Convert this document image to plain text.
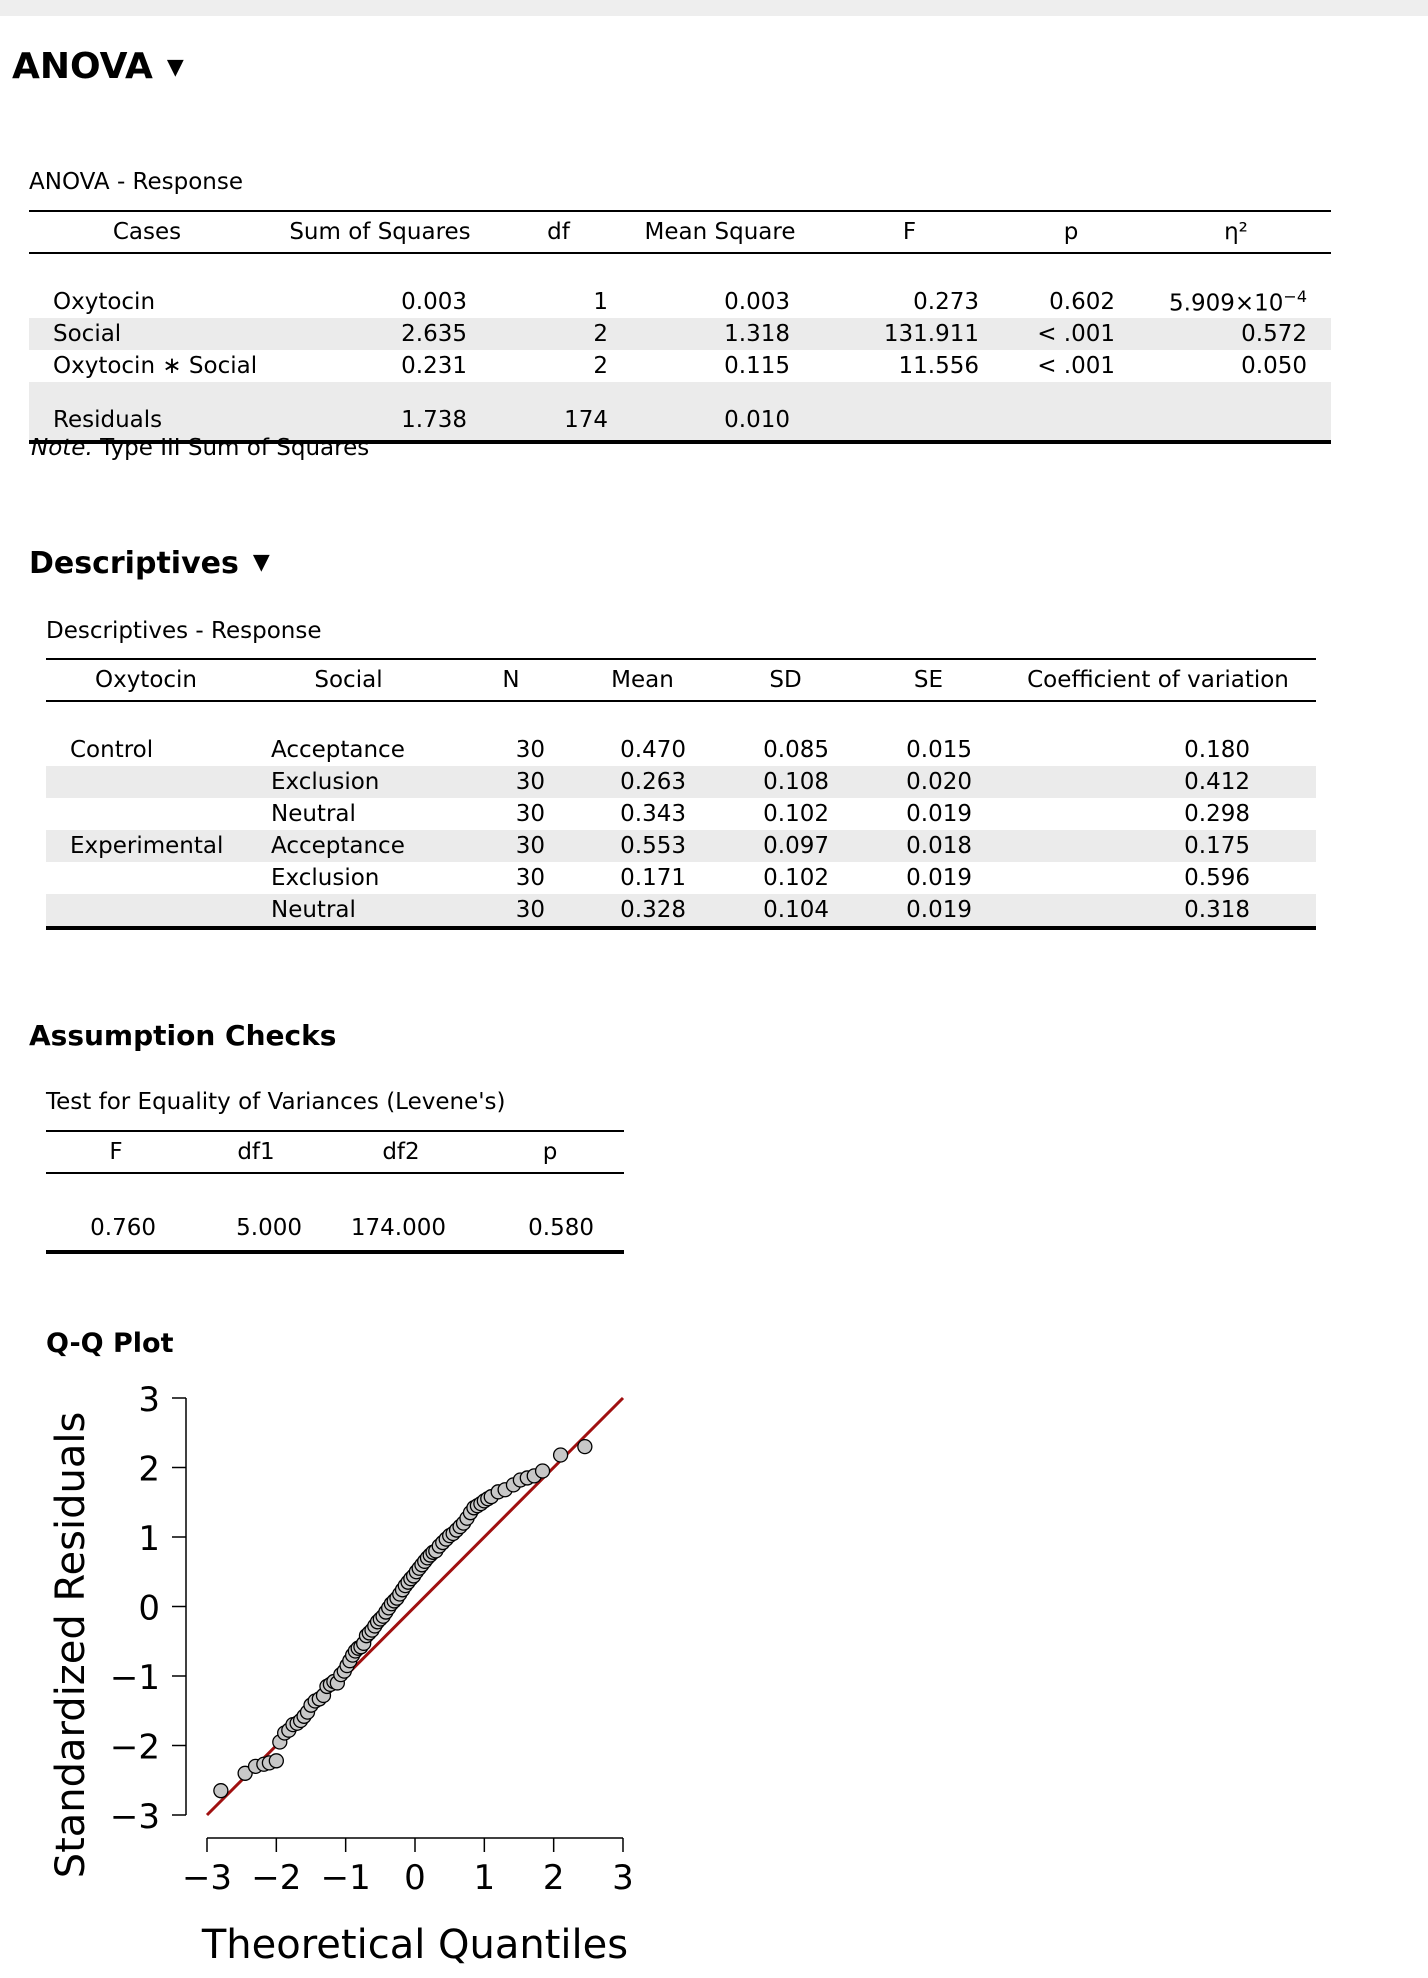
ANOVA ▼
ANOVA - Response
Cases	Sum of Squares	df	Mean Square	F	p	η²

Oxytocin	0.003	1	0.003	0.273	0.602	$5.909\times 10^{-4}$
Social	2.635	2	1.318	131.911	< .001	0.572
Oxytocin ∗ Social	0.231	2	0.115	11.556	< .001	0.050

Residuals	1.738	174	0.010			
Note. Type III Sum of Squares
Descriptives ▼
Descriptives - Response
Oxytocin	Social	N	Mean	SD	SE	Coefficient of variation

Control	Acceptance	30	0.470	0.085	0.015	0.180
	Exclusion	30	0.263	0.108	0.020	0.412
	Neutral	30	0.343	0.102	0.019	0.298
Experimental	Acceptance	30	0.553	0.097	0.018	0.175
	Exclusion	30	0.171	0.102	0.019	0.596
	Neutral	30	0.328	0.104	0.019	0.318
Assumption Checks
Test for Equality of Variances (Levene's)
F	df1	df2	p

0.760	5.000	174.000	0.580
Q-Q Plot
Standardized Residuals
Theoretical Quantiles
3
2
1
0
−1
−2
−3
−3 −2 −1 0 1 2 3
